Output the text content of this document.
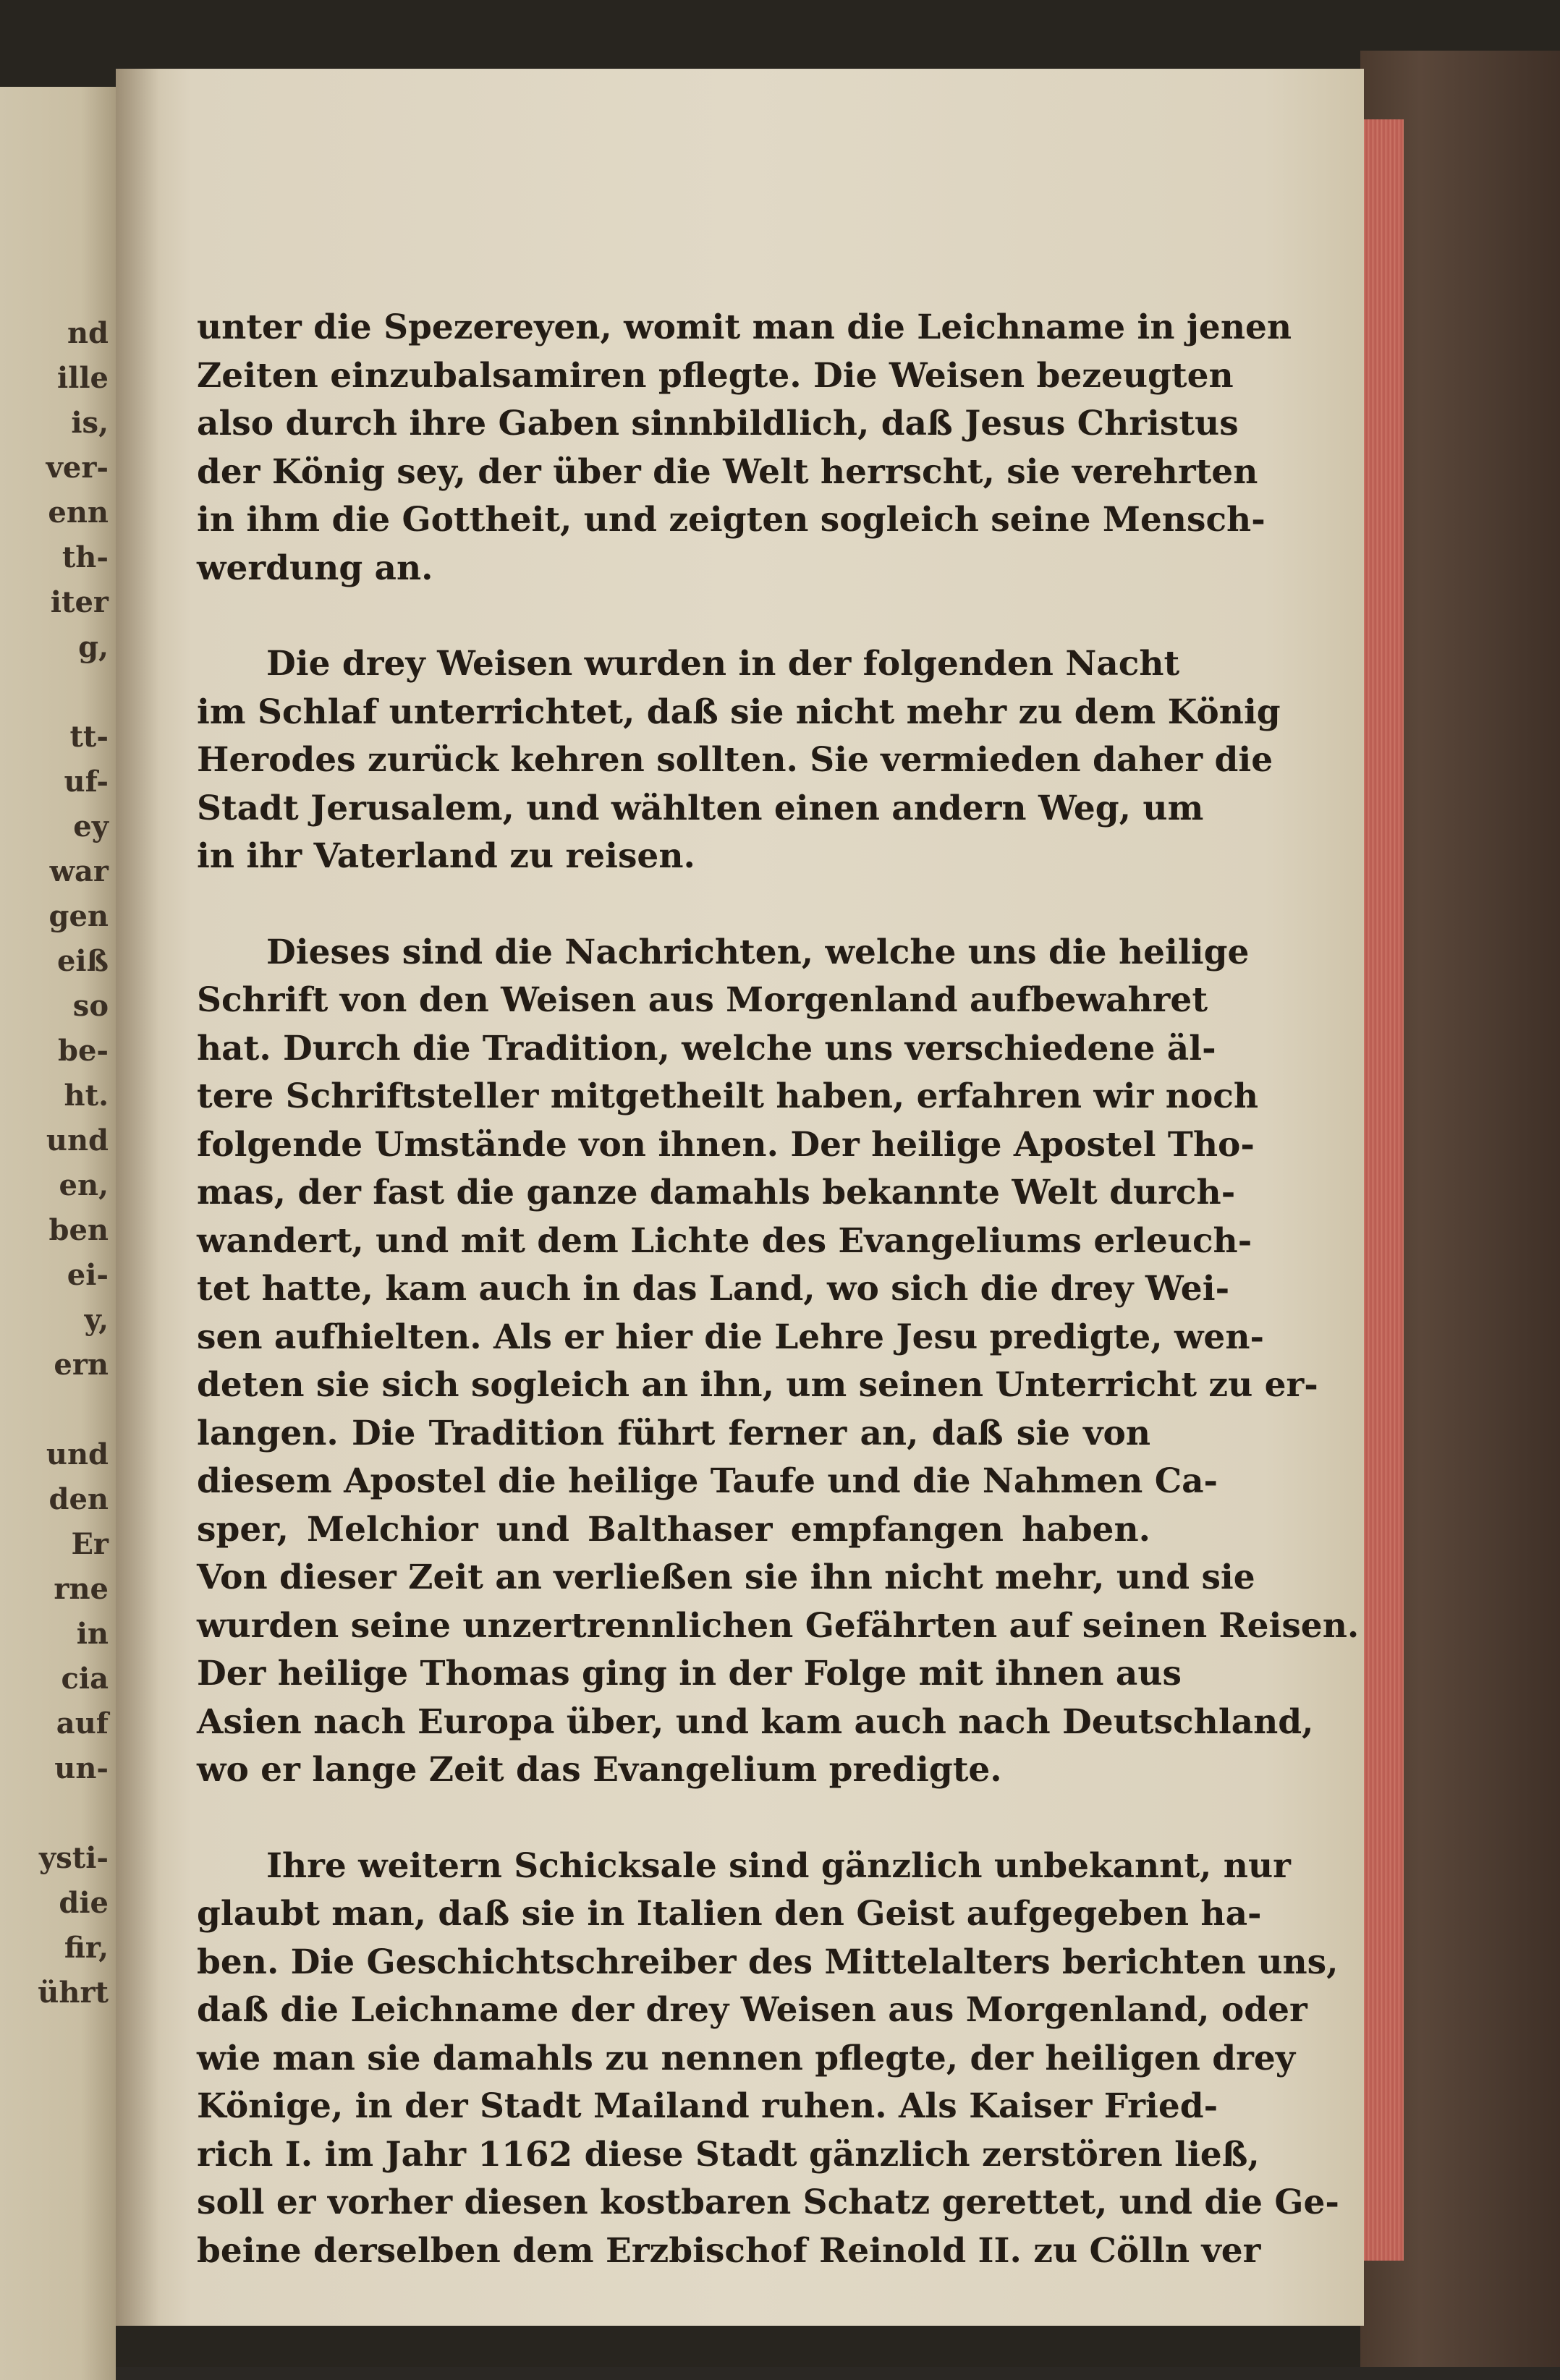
nd
ille
is,
ver-
enn
th-
iter
g,
tt-
uf-
ey
war
gen
eiß
so
be-
ht.
und
en,
ben
ei-
y,
ern
und
den
Er
rne
in
cia
auf
un-
ysti-
die
fir,
ührt
unter die Spezereyen, womit man die Leichname in jenen
Zeiten einzubalsamiren pflegte. Die Weisen bezeugten
also durch ihre Gaben sinnbildlich, daß Jesus Christus
der König sey, der über die Welt herrscht, sie verehrten
in ihm die Gottheit, und zeigten sogleich seine Mensch-
werdung an.
Die drey Weisen wurden in der folgenden Nacht
im Schlaf unterrichtet, daß sie nicht mehr zu dem König
Herodes zurück kehren sollten. Sie vermieden daher die
Stadt Jerusalem, und wählten einen andern Weg, um
in ihr Vaterland zu reisen.
Dieses sind die Nachrichten, welche uns die heilige
Schrift von den Weisen aus Morgenland aufbewahret
hat. Durch die Tradition, welche uns verschiedene äl-
tere Schriftsteller mitgetheilt haben, erfahren wir noch
folgende Umstände von ihnen. Der heilige Apostel Tho-
mas, der fast die ganze damahls bekannte Welt durch-
wandert, und mit dem Lichte des Evangeliums erleuch-
tet hatte, kam auch in das Land, wo sich die drey Wei-
sen aufhielten. Als er hier die Lehre Jesu predigte, wen-
deten sie sich sogleich an ihn, um seinen Unterricht zu er-
langen. Die Tradition führt ferner an, daß sie von
diesem Apostel die heilige Taufe und die Nahmen Ca-
sper, Melchior und Balthaser empfangen haben.
Von dieser Zeit an verließen sie ihn nicht mehr, und sie
wurden seine unzertrennlichen Gefährten auf seinen Reisen.
Der heilige Thomas ging in der Folge mit ihnen aus
Asien nach Europa über, und kam auch nach Deutschland,
wo er lange Zeit das Evangelium predigte.
Ihre weitern Schicksale sind gänzlich unbekannt, nur
glaubt man, daß sie in Italien den Geist aufgegeben ha-
ben. Die Geschichtschreiber des Mittelalters berichten uns,
daß die Leichname der drey Weisen aus Morgenland, oder
wie man sie damahls zu nennen pflegte, der heiligen drey
Könige, in der Stadt Mailand ruhen. Als Kaiser Fried-
rich I. im Jahr 1162 diese Stadt gänzlich zerstören ließ,
soll er vorher diesen kostbaren Schatz gerettet, und die Ge-
beine derselben dem Erzbischof Reinold II. zu Cölln ver
